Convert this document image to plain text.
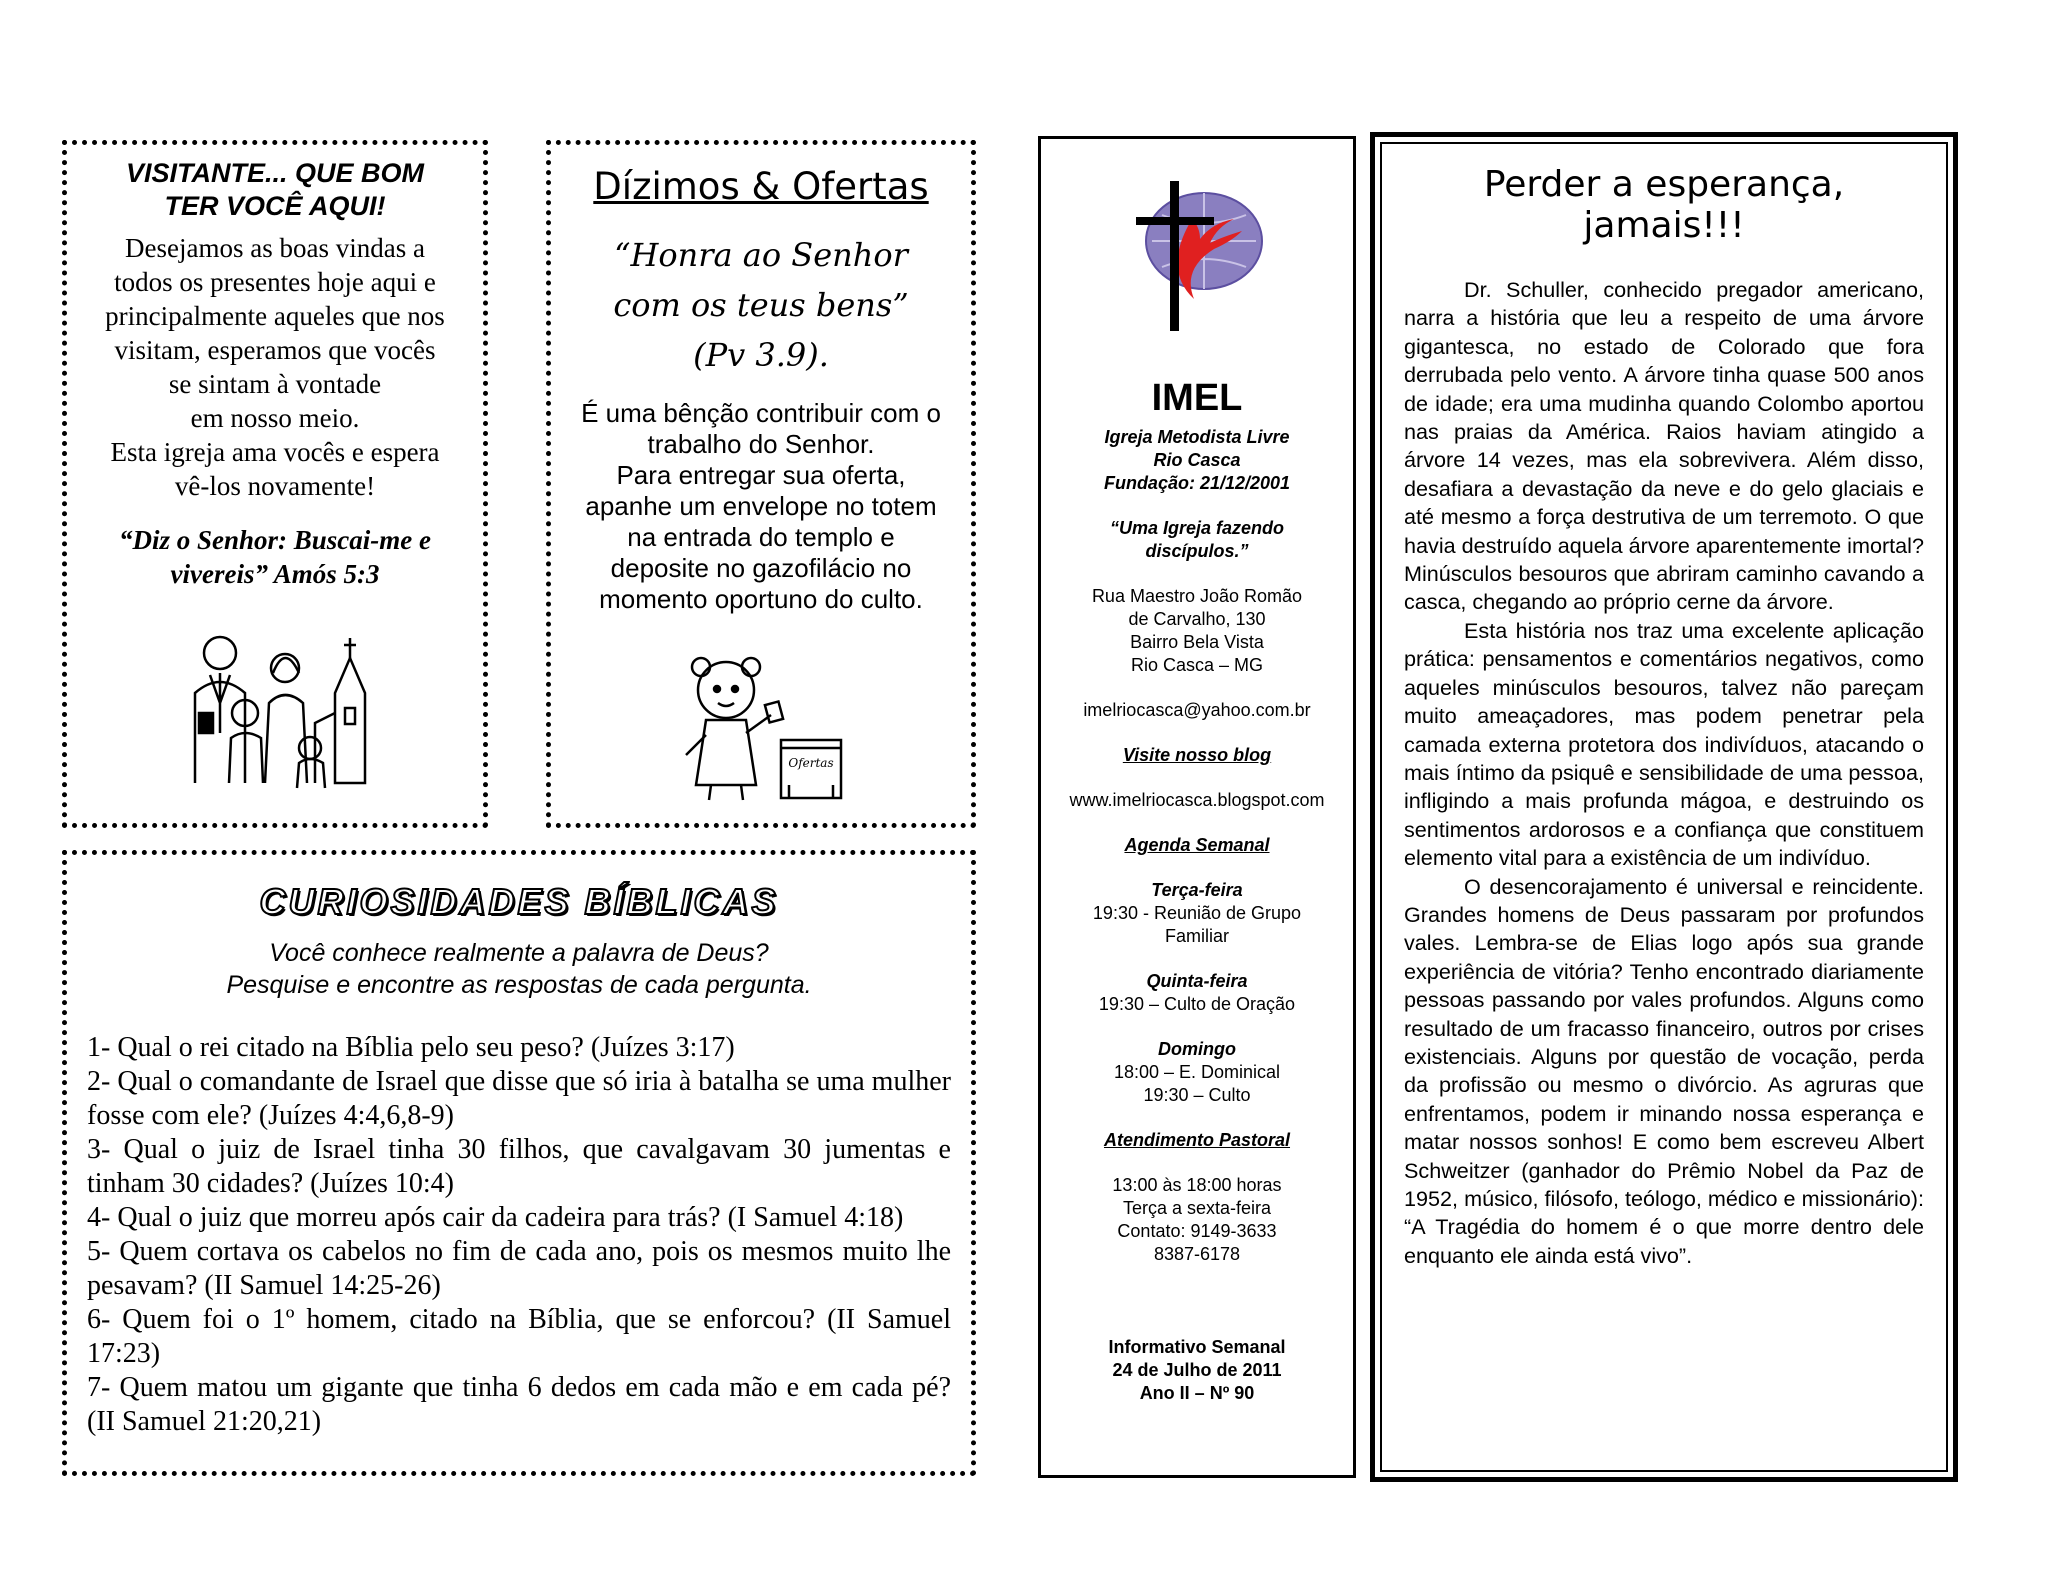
VISITANTE... QUE BOM
TER VOCÊ AQUI!
Desejamos as boas vindas a
todos os presentes hoje aqui e
principalmente aqueles que nos
visitam, esperamos que vocês
se sintam à vontade
em nosso meio.
Esta igreja ama vocês e espera
vê-los novamente!
“Diz o Senhor: Buscai-me e
vivereis” Amós 5:3
Dízimos & Ofertas
“Honra ao Senhor com os teus bens” (Pv 3.9).
É uma bênção contribuir com o
trabalho do Senhor.
Para entregar sua oferta,
apanhe um envelope no totem
na entrada do templo e
deposite no gazofilácio no
momento oportuno do culto.
Ofertas
CURIOSIDADES BÍBLICAS
Você conhece realmente a palavra de Deus?
Pesquise e encontre as respostas de cada pergunta.
1- Qual o rei citado na Bíblia pelo seu peso? (Juízes 3:17)
2- Qual o comandante de Israel que disse que só iria à batalha se uma mulher fosse com ele? (Juízes 4:4,6,8-9)
3- Qual o juiz de Israel tinha 30 filhos, que cavalgavam 30 jumentas e tinham 30 cidades? (Juízes 10:4)
4- Qual o juiz que morreu após cair da cadeira para trás? (I Samuel 4:18)
5- Quem cortava os cabelos no fim de cada ano, pois os mesmos muito lhe pesavam? (II Samuel 14:25-26)
6- Quem foi o 1º homem, citado na Bíblia, que se enforcou? (II Samuel 17:23)
7- Quem matou um gigante que tinha 6 dedos em cada mão e em cada pé? (II Samuel 21:20,21)
IMEL
Igreja Metodista Livre
Rio Casca
Fundação: 21/12/2001
“Uma Igreja fazendo
discípulos.”
Rua Maestro João Romão
de Carvalho, 130
Bairro Bela Vista
Rio Casca – MG
imelriocasca@yahoo.com.br
Visite nosso blog
www.imelriocasca.blogspot.com
Agenda Semanal
Terça-feira
19:30 - Reunião de Grupo
Familiar
Quinta-feira
19:30 – Culto de Oração
Domingo
18:00 – E. Dominical
19:30 – Culto
Atendimento Pastoral
13:00 às 18:00 horas
Terça a sexta-feira
Contato: 9149-3633
8387-6178
Informativo Semanal
24 de Julho de 2011
Ano II – Nº 90
Perder a esperança, jamais!!!

Dr. Schuller, conhecido pregador americano, narra a história que leu a respeito de uma árvore gigantesca, no estado de Colorado que fora derrubada pelo vento. A árvore tinha quase 500 anos de idade; era uma mudinha quando Colombo aportou nas praias da América. Raios haviam atingido a árvore 14 vezes, mas ela sobrevivera. Além disso, desafiara a devastação da neve e do gelo glaciais e até mesmo a força destrutiva de um terremoto. O que havia destruído aquela árvore aparentemente imortal? Minúsculos besouros que abriram caminho cavando a casca, chegando ao próprio cerne da árvore.

Esta história nos traz uma excelente aplicação prática: pensamentos e comentários negativos, como aqueles minúsculos besouros, talvez não pareçam muito ameaçadores, mas podem penetrar pela camada externa protetora dos indivíduos, atacando o mais íntimo da psiquê e sensibilidade de uma pessoa, infligindo a mais profunda mágoa, e destruindo os sentimentos ardorosos e a confiança que constituem elemento vital para a existência de um indivíduo.

O desencorajamento é universal e reincidente. Grandes homens de Deus passaram por profundos vales. Lembra-se de Elias logo após sua grande experiência de vitória? Tenho encontrado diariamente pessoas passando por vales profundos. Alguns como resultado de um fracasso financeiro, outros por crises existenciais. Alguns por questão de vocação, perda da profissão ou mesmo o divórcio. As agruras que enfrentamos, podem ir minando nossa esperança e matar nossos sonhos! E como bem escreveu Albert Schweitzer (ganhador do Prêmio Nobel da Paz de 1952, músico, filósofo, teólogo, médico e missionário): “A Tragédia do homem é o que morre dentro dele enquanto ele ainda está vivo”.
